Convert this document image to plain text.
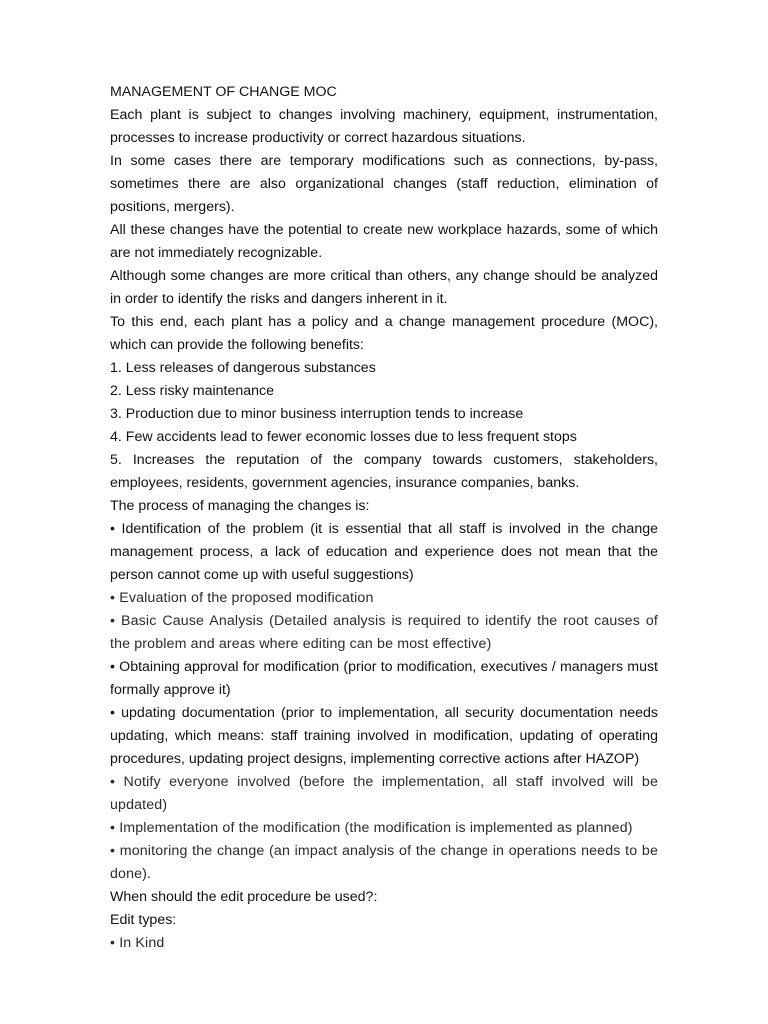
MANAGEMENT OF CHANGE MOC

Each plant is subject to changes involving machinery, equipment, instrumentation, processes to increase productivity or correct hazardous situations.

In some cases there are temporary modifications such as connections, by-pass, sometimes there are also organizational changes (staff reduction, elimination of positions, mergers).

All these changes have the potential to create new workplace hazards, some of which are not immediately recognizable.

Although some changes are more critical than others, any change should be analyzed in order to identify the risks and dangers inherent in it.

To this end, each plant has a policy and a change management procedure (MOC), which can provide the following benefits:

1. Less releases of dangerous substances

2. Less risky maintenance

3. Production due to minor business interruption tends to increase

4. Few accidents lead to fewer economic losses due to less frequent stops

5. Increases the reputation of the company towards customers, stakeholders, employees, residents, government agencies, insurance companies, banks.

The process of managing the changes is:

• Identification of the problem (it is essential that all staff is involved in the change management process, a lack of education and experience does not mean that the person cannot come up with useful suggestions)

• Evaluation of the proposed modification

• Basic Cause Analysis (Detailed analysis is required to identify the root causes of the problem and areas where editing can be most effective)

• Obtaining approval for modification (prior to modification, executives / managers must formally approve it)

• updating documentation (prior to implementation, all security documentation needs updating, which means: staff training involved in modification, updating of operating procedures, updating project designs, implementing corrective actions after HAZOP)

• Notify everyone involved (before the implementation, all staff involved will be updated)

• Implementation of the modification (the modification is implemented as planned)

• monitoring the change (an impact analysis of the change in operations needs to be done).

When should the edit procedure be used?:

Edit types:

• In Kind
